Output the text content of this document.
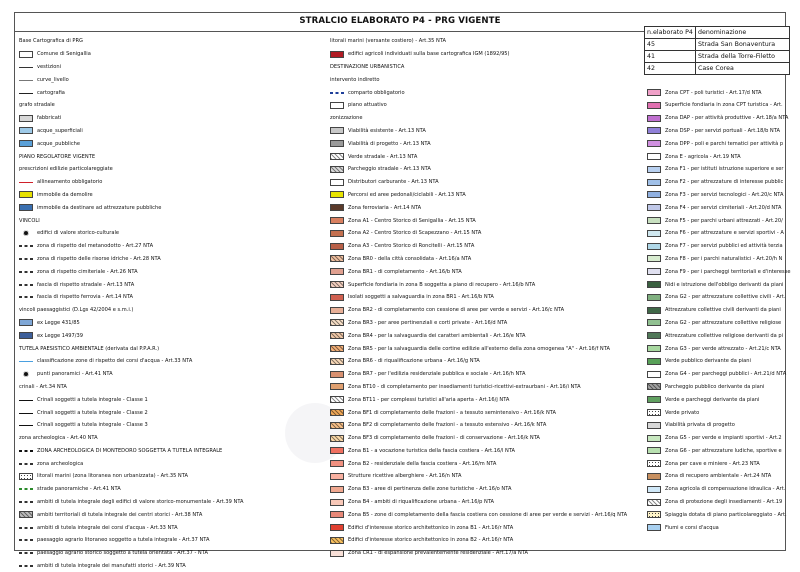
STRALCIO ELABORATO P4 - PRG VIGENTE
Base Cartografica di PRG
Comune di Senigallia
vestizioni
curve_livello
cartografia
grafo stradale
fabbricati
acque_superficiali
acque_pubbliche
PIANO REGOLATORE VIGENTE
prescrizioni edilizie particolareggiate
allineamento obbligatorio
immobile da demolire
immobile da destinare ad attrezzature pubbliche
VINCOLI
✹	edifici di valore storico-culturale
zona di rispetto del metanodotto - Art.27 NTA
zona di rispetto delle risorse idriche - Art.28 NTA
zona di rispetto cimiteriale - Art.26 NTA
fascia di rispetto stradale - Art.13 NTA
fascia di rispetto ferrovia - Art.14 NTA
vincoli paesaggistici (D.Lgs 42/2004 e s.m.i.)
ex Legge 431/85
ex Legge 1497/39
TUTELA PAESISTICO AMBIENTALE (derivata dal P.P.A.R.)
classificazione zone di rispetto dei corsi d'acqua - Art.33 NTA
✹	punti panoramici - Art.41 NTA
crinali - Art.34 NTA
Crinali soggetti a tutela integrale - Classe 1
Crinali soggetti a tutela integrale - Classe 2
Crinali soggetti a tutela integrale - Classe 3
zona archeologica - Art.40 NTA
ZONA ARCHEOLOGICA DI MONTEDORO SOGGETTA A TUTELA INTEGRALE
zona archeologica
litorali marini (zona litoranea non urbanizzata) - Art.35 NTA
strade panoramiche - Art.41 NTA
ambiti di tutela integrale degli edifici di valore storico-monumentale - Art.39 NTA
ambiti territoriali di tutela integrale dei centri storici - Art.38 NTA
ambiti di tutela integrale dei corsi d'acqua - Art.33 NTA
paesaggio agrario litoraneo soggetto a tutela integrale - Art.37 NTA
paesaggio agrario storico soggetto a tutela orientata - Art.37 - NTA
ambiti di tutela integrale dei manufatti storici - Art.39 NTA
litorali marini (versante costiero) - Art.35 NTA
edifici agricoli individuati sulla base cartografica IGM (1892/95)
DESTINAZIONE URBANISTICA
intervento indiretto
comparto obbligatorio
piano attuativo
zonizzazione
Viabilità esistente - Art.13 NTA
Viabilità di progetto - Art.13 NTA
Verde stradale - Art.13 NTA
Parcheggio stradale - Art.13 NTA
Distributori carburante - Art.13 NTA
Percorsi ed aree pedonali/ciclabili - Art.13 NTA
Zona ferroviaria - Art.14 NTA
Zona A1 - Centro Storico di Senigallia - Art.15 NTA
Zona A2 - Centro Storico di Scapezzano - Art.15 NTA
Zona A3 - Centro Storico di Roncitelli - Art.15 NTA
Zona BR0 - della città consolidata - Art.16/a NTA
Zona BR1 - di completamento - Art.16/b NTA
Superficie fondiaria in zona B soggetta a piano di recupero - Art.16/b NTA
Isolati soggetti a salvaguardia in zona BR1 - Art.16/b NTA
Zona BR2 - di completamento con cessione di aree per verde e servizi - Art.16/c NTA
Zona BR3 - per aree pertinenziali e corti private - Art.16/d NTA
Zona BR4 - per la salvaguardia dei caratteri ambientali - Art.16/e NTA
Zona BR5 - per la salvaguardia delle cortine edilizie all'esterno della zona omogenea "A" - Art.16/f NTA
Zona BR6 - di riqualificazione urbana - Art.16/g NTA
Zona BR7 - per l'edilizia residenziale pubblica e sociale - Art.16/h NTA
Zona BT10 - di completamento per insediamenti turistici-ricettivi-extraurbani - Art.16/i NTA
Zona BT11 - per complessi turistici all'aria aperta - Art.16/j NTA
Zona BF1 di completamento delle frazioni - a tessuto semintensivo - Art.16/k NTA
Zona BF2 di completamento delle frazioni - a tessuto estensivo - Art.16/k NTA
Zona BF3 di completamento delle frazioni - di conservazione - Art.16/k NTA
Zona B1 - a vocazione turistica della fascia costiera - Art.16/l NTA
Zona B2 - residenziale della fascia costiera - Art.16/m NTA
Strutture ricettive alberghiere - Art.16/n NTA
Zona B3 - aree di pertinenza delle zone turistiche - Art.16/o NTA
Zona B4 - ambiti di riqualificazione urbana - Art.16/p NTA
Zona B5 - zone di completamento della fascia costiera con cessione di aree per verde e servizi - Art.16/q NTA
Edifici d'interesse storico architettonico in zona B1 - Art.16/r NTA
Edifici d'interesse storico architettonico in zona B2 - Art.16/r NTA
Zona CR1 - di espansione prevalentemente residenziale - Art.17/a NTA
Zona CPT - poli turistici - Art.17/d NTA
Superficie fondiaria in zona CPT turistica - Art.
Zona DAP - per attività produttive - Art.18/a NTA
Zona DSP - per servizi portuali - Art.18/b NTA
Zona DPP - poli e parchi tematici per attività p
Zona E - agricola - Art.19 NTA
Zona F1 - per istituti istruzione superiore e ser
Zona F2 - per attrezzature di interesse pubblic
Zona F3 - per servizi tecnologici - Art.20/c NTA
Zona F4 - per servizi cimiteriali - Art.20/d NTA
Zona F5 - per parchi urbani attrezzati - Art.20/
Zona F6 - per attrezzature e servizi sportivi - A
Zona F7 - per servizi pubblici ed attività terzia
Zona F8 - per i parchi naturalistici - Art.20/h N
Zona F9 - per i parcheggi territoriali e d'interesse
Nidi e istruzione dell'obbligo derivanti da piani
Zona G2 - per attrezzature collettive civili - Art.
Attrezzature collettive civili derivanti da piani
Zona G2 - per attrezzature collettive religiose
Attrezzature collettive religiose derivanti da pi
Zona G3 - per verde attrezzato - Art.21/c NTA
Verde pubblico derivante da piani
Zona G4 - per parcheggi pubblici - Art.21/d NTA
Parcheggio pubblico derivante da piani
Verde e parcheggi derivante da piani
Verde privato
Viabilità privata di progetto
Zona G5 - per verde e impianti sportivi - Art.2
Zona G6 - per attrezzature ludiche, sportive e
Zona per cave e miniere - Art.23 NTA
Zona di recupero ambientale - Art.24 NTA
Zona agricola di compensazione idraulica - Art.
Zona di protezione degli insediamenti - Art.19
Spiaggia dotata di piano particolareggiato - Art.
Fiumi e corsi d'acqua
n.elaborato P4	denominazione
45	Strada San Bonaventura
41	Strada della Torre-Filetto
42	Case Corea
